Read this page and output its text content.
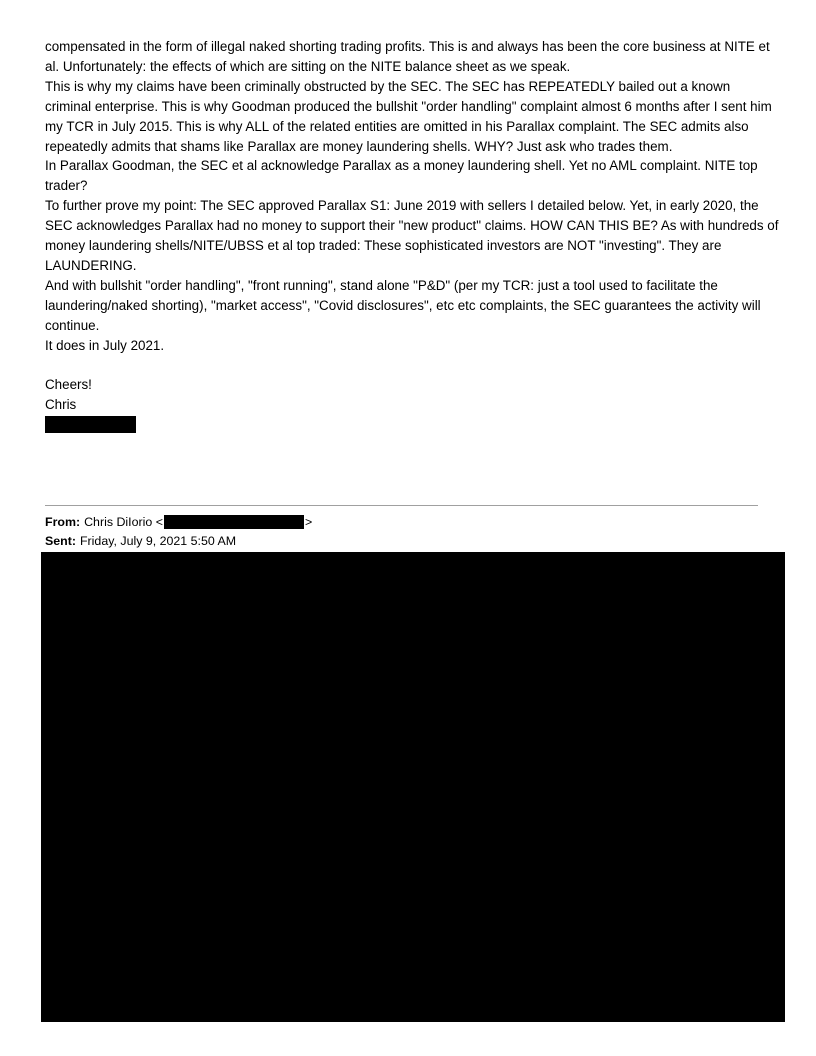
compensated in the form of illegal naked shorting trading profits. This is and always has been the core business at NITE et al. Unfortunately: the effects of which are sitting on the NITE balance sheet as we speak.

This is why my claims have been criminally obstructed by the SEC. The SEC has REPEATEDLY bailed out a known criminal enterprise. This is why Goodman produced the bullshit "order handling" complaint almost 6 months after I sent him my TCR in July 2015. This is why ALL of the related entities are omitted in his Parallax complaint. The SEC admits also repeatedly admits that shams like Parallax are money laundering shells. WHY? Just ask who trades them.

In Parallax Goodman, the SEC et al acknowledge Parallax as a money laundering shell. Yet no AML complaint. NITE top trader?

To further prove my point: The SEC approved Parallax S1: June 2019 with sellers I detailed below. Yet, in early 2020, the SEC acknowledges Parallax had no money to support their "new product" claims. HOW CAN THIS BE? As with hundreds of money laundering shells/NITE/UBSS et al top traded: These sophisticated investors are NOT "investing". They are LAUNDERING.

And with bullshit "order handling", "front running", stand alone "P&D" (per my TCR: just a tool used to facilitate the laundering/naked shorting), "market access", "Covid disclosures", etc etc complaints, the SEC guarantees the activity will continue.

It does in July 2021.

Cheers!

Chris

From: Chris DiIorio <	>
Sent: Friday, July 9, 2021 5:50 AM
